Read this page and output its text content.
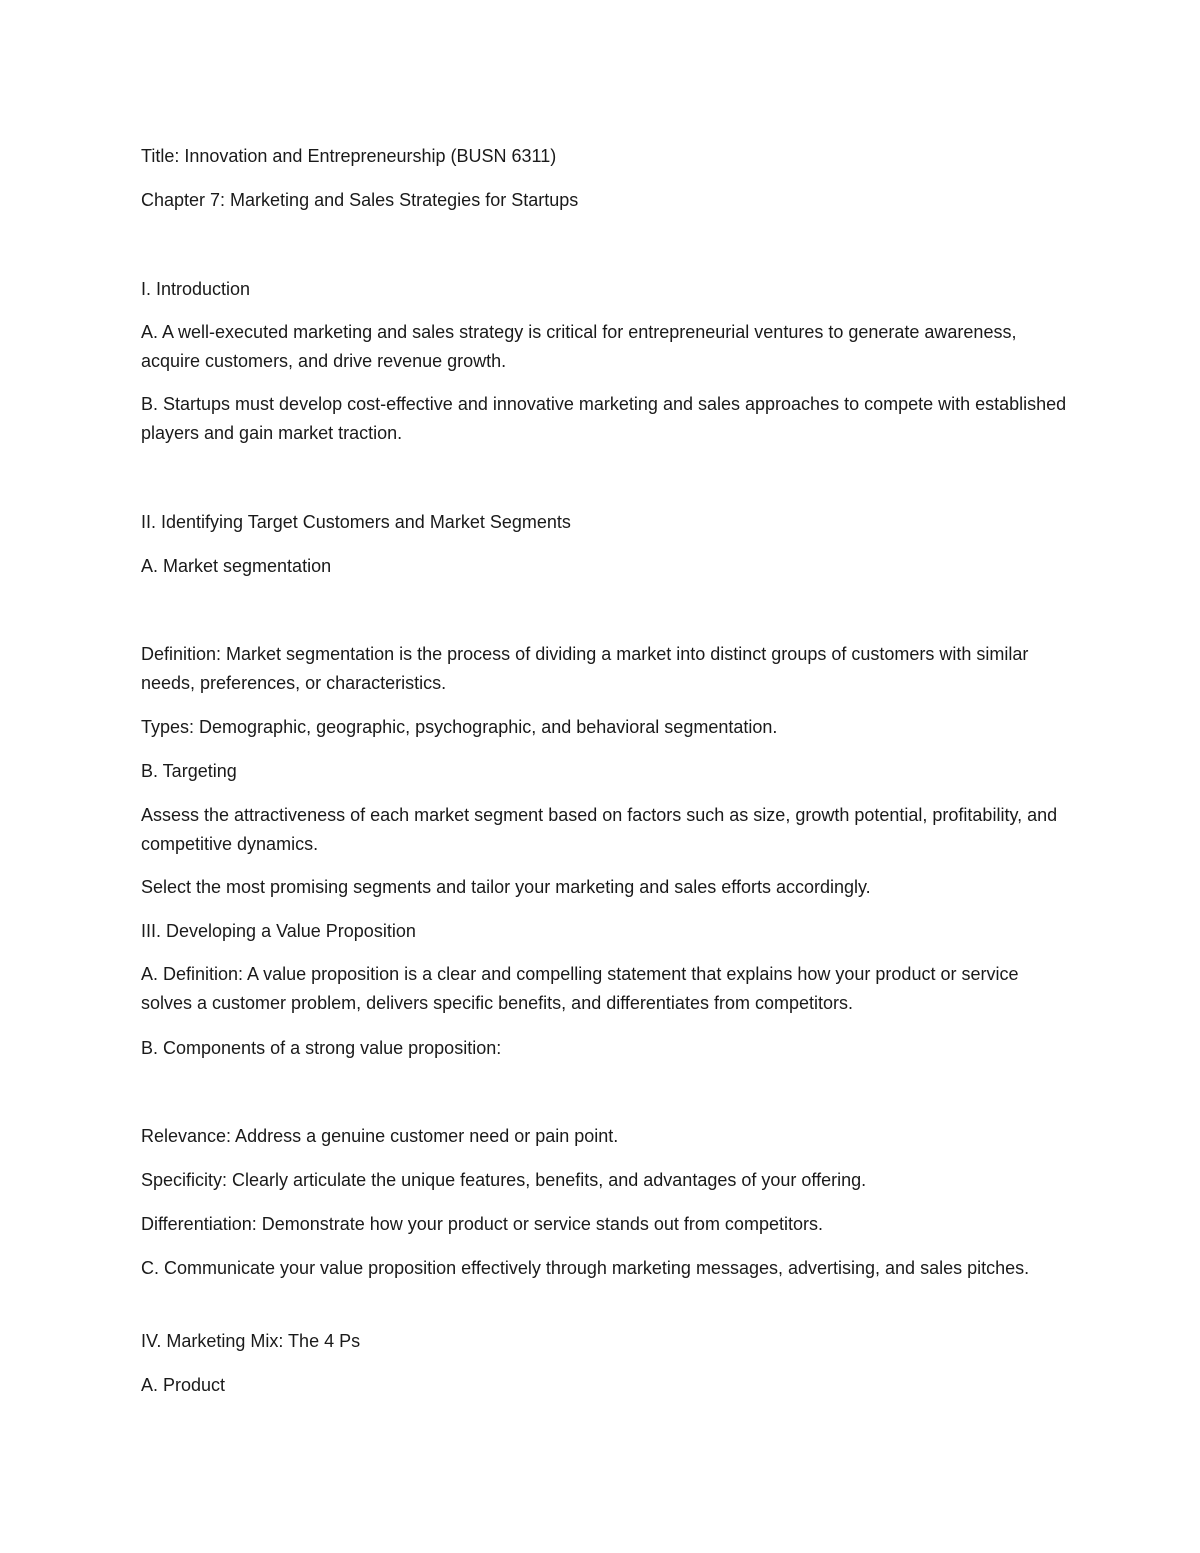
Title: Innovation and Entrepreneurship (BUSN 6311)

Chapter 7: Marketing and Sales Strategies for Startups

I. Introduction

A. A well-executed marketing and sales strategy is critical for entrepreneurial ventures to generate awareness, acquire customers, and drive revenue growth.

B. Startups must develop cost-effective and innovative marketing and sales approaches to compete with established players and gain market traction.

II. Identifying Target Customers and Market Segments

A. Market segmentation

Definition: Market segmentation is the process of dividing a market into distinct groups of customers with similar needs, preferences, or characteristics.

Types: Demographic, geographic, psychographic, and behavioral segmentation.

B. Targeting

Assess the attractiveness of each market segment based on factors such as size, growth potential, profitability, and competitive dynamics.

Select the most promising segments and tailor your marketing and sales efforts accordingly.

III. Developing a Value Proposition

A. Definition: A value proposition is a clear and compelling statement that explains how your product or service solves a customer problem, delivers specific benefits, and differentiates from competitors.

B. Components of a strong value proposition:

Relevance: Address a genuine customer need or pain point.

Specificity: Clearly articulate the unique features, benefits, and advantages of your offering.

Differentiation: Demonstrate how your product or service stands out from competitors.

C. Communicate your value proposition effectively through marketing messages, advertising, and sales pitches.

IV. Marketing Mix: The 4 Ps

A. Product
